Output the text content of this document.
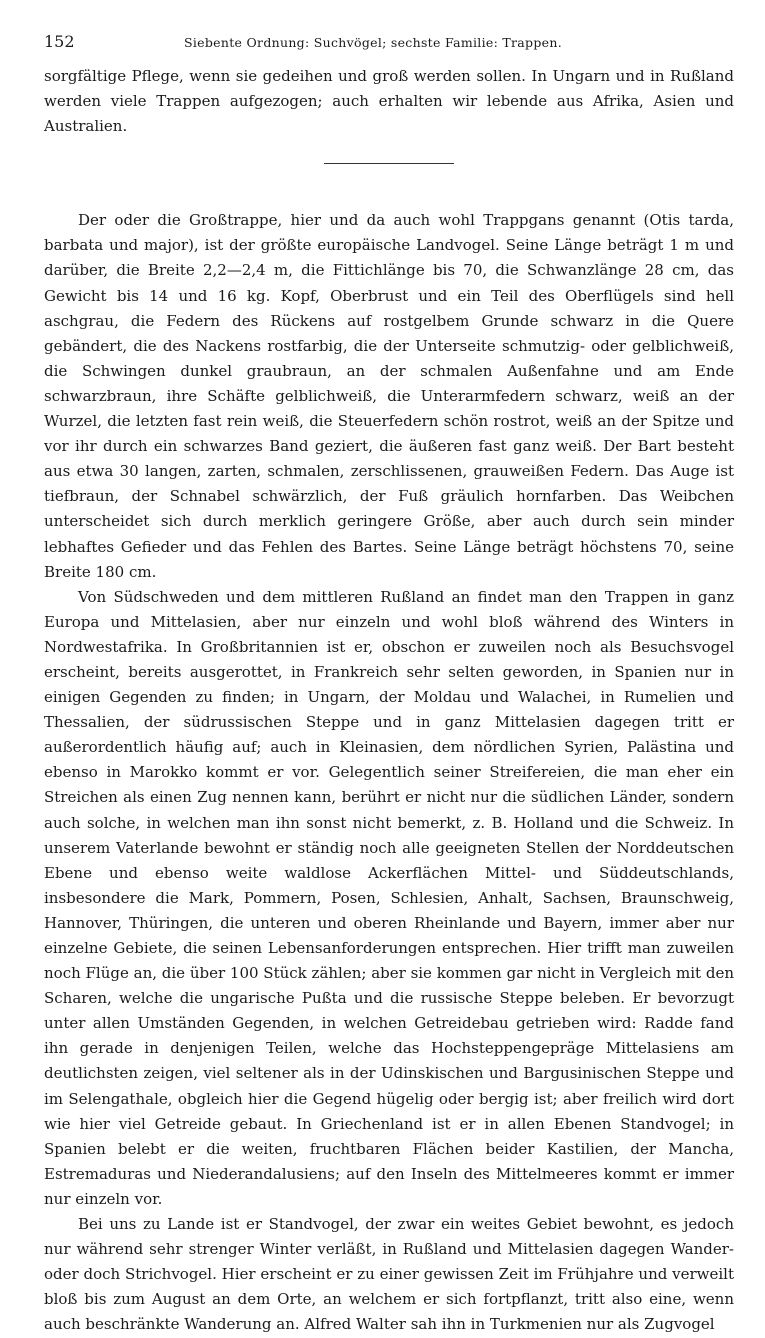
152	Siebente Ordnung: Suchvögel; sechste Familie: Trappen.

sorgfältige Pflege, wenn sie gedeihen und groß werden sollen. In Ungarn und in Rußland werden viele Trappen aufgezogen; auch erhalten wir lebende aus Afrika, Asien und Australien.

Der oder die Großtrappe, hier und da auch wohl Trappgans genannt (Otis tarda, barbata und major), ist der größte europäische Landvogel. Seine Länge beträgt 1 m und darüber, die Breite 2,2—2,4 m, die Fittichlänge bis 70, die Schwanzlänge 28 cm, das Gewicht bis 14 und 16 kg. Kopf, Oberbrust und ein Teil des Oberflügels sind hell aschgrau, die Federn des Rückens auf rostgelbem Grunde schwarz in die Quere gebändert, die des Nackens rostfarbig, die der Unterseite schmutzig- oder gelblichweiß, die Schwingen dunkel graubraun, an der schmalen Außenfahne und am Ende schwarzbraun, ihre Schäfte gelblichweiß, die Unterarmfedern schwarz, weiß an der Wurzel, die letzten fast rein weiß, die Steuerfedern schön rostrot, weiß an der Spitze und vor ihr durch ein schwarzes Band geziert, die äußeren fast ganz weiß. Der Bart besteht aus etwa 30 langen, zarten, schmalen, zerschlissenen, grauweißen Federn. Das Auge ist tiefbraun, der Schnabel schwärzlich, der Fuß gräulich hornfarben. Das Weibchen unterscheidet sich durch merklich geringere Größe, aber auch durch sein minder lebhaftes Gefieder und das Fehlen des Bartes. Seine Länge beträgt höchstens 70, seine Breite 180 cm.

Von Südschweden und dem mittleren Rußland an findet man den Trappen in ganz Europa und Mittelasien, aber nur einzeln und wohl bloß während des Winters in Nordwestafrika. In Großbritannien ist er, obschon er zuweilen noch als Besuchsvogel erscheint, bereits ausgerottet, in Frankreich sehr selten geworden, in Spanien nur in einigen Gegenden zu finden; in Ungarn, der Moldau und Walachei, in Rumelien und Thessalien, der südrussischen Steppe und in ganz Mittelasien dagegen tritt er außerordentlich häufig auf; auch in Kleinasien, dem nördlichen Syrien, Palästina und ebenso in Marokko kommt er vor. Gelegentlich seiner Streifereien, die man eher ein Streichen als einen Zug nennen kann, berührt er nicht nur die südlichen Länder, sondern auch solche, in welchen man ihn sonst nicht bemerkt, z. B. Holland und die Schweiz. In unserem Vaterlande bewohnt er ständig noch alle geeigneten Stellen der Norddeutschen Ebene und ebenso weite waldlose Ackerflächen Mittel- und Süddeutschlands, insbesondere die Mark, Pommern, Posen, Schlesien, Anhalt, Sachsen, Braunschweig, Hannover, Thüringen, die unteren und oberen Rheinlande und Bayern, immer aber nur einzelne Gebiete, die seinen Lebensanforderungen entsprechen. Hier trifft man zuweilen noch Flüge an, die über 100 Stück zählen; aber sie kommen gar nicht in Vergleich mit den Scharen, welche die ungarische Pußta und die russische Steppe beleben. Er bevorzugt unter allen Umständen Gegenden, in welchen Getreidebau getrieben wird: Radde fand ihn gerade in denjenigen Teilen, welche das Hochsteppengepräge Mittelasiens am deutlichsten zeigen, viel seltener als in der Udinskischen und Bargusinischen Steppe und im Selengathale, obgleich hier die Gegend hügelig oder bergig ist; aber freilich wird dort wie hier viel Getreide gebaut. In Griechenland ist er in allen Ebenen Standvogel; in Spanien belebt er die weiten, fruchtbaren Flächen beider Kastilien, der Mancha, Estremaduras und Niederandalusiens; auf den Inseln des Mittelmeeres kommt er immer nur einzeln vor.

Bei uns zu Lande ist er Standvogel, der zwar ein weites Gebiet bewohnt, es jedoch nur während sehr strenger Winter verläßt, in Rußland und Mittelasien dagegen Wander- oder doch Strichvogel. Hier erscheint er zu einer gewissen Zeit im Frühjahre und verweilt bloß bis zum August an dem Orte, an welchem er sich fortpflanzt, tritt also eine, wenn auch beschränkte Wanderung an. Alfred Walter sah ihn in Turkmenien nur als Zugvogel
